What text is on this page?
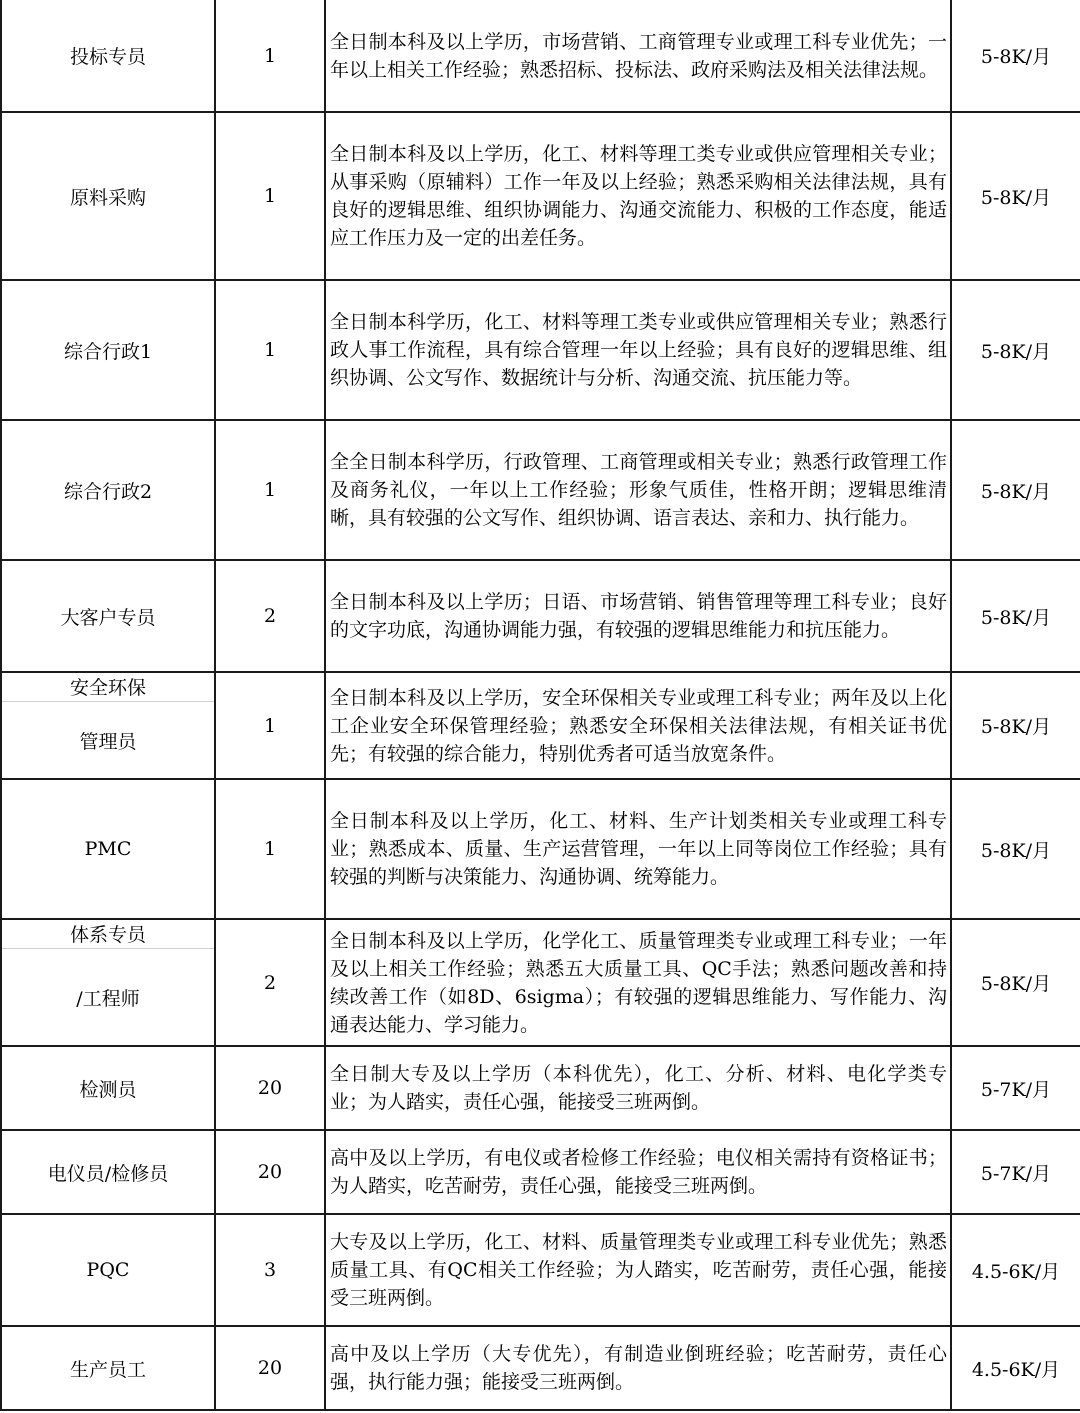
投标专员	1	全日制本科及以上学历，市场营销、工商管理专业或理工科专业优先；一年以上相关工作经验；熟悉招标、投标法、政府采购法及相关法律法规。	5-8K/月
原料采购	1	全日制本科及以上学历，化工、材料等理工类专业或供应管理相关专业；从事采购（原辅料）工作一年及以上经验；熟悉采购相关法律法规，具有良好的逻辑思维、组织协调能力、沟通交流能力、积极的工作态度，能适应工作压力及一定的出差任务。	5-8K/月
综合行政1	1	全日制本科学历，化工、材料等理工类专业或供应管理相关专业；熟悉行政人事工作流程，具有综合管理一年以上经验；具有良好的逻辑思维、组织协调、公文写作、数据统计与分析、沟通交流、抗压能力等。	5-8K/月
综合行政2	1	全全日制本科学历，行政管理、工商管理或相关专业；熟悉行政管理工作及商务礼仪，一年以上工作经验；形象气质佳，性格开朗；逻辑思维清晰，具有较强的公文写作、组织协调、语言表达、亲和力、执行能力。	5-8K/月
大客户专员	2	全日制本科及以上学历；日语、市场营销、销售管理等理工科专业；良好的文字功底，沟通协调能力强，有较强的逻辑思维能力和抗压能力。	5-8K/月

安全环保
管理员	1	全日制本科及以上学历，安全环保相关专业或理工科专业；两年及以上化工企业安全环保管理经验；熟悉安全环保相关法律法规，有相关证书优先；有较强的综合能力，特别优秀者可适当放宽条件。	5-8K/月
PMC	1	全日制本科及以上学历，化工、材料、生产计划类相关专业或理工科专业；熟悉成本、质量、生产运营管理，一年以上同等岗位工作经验；具有较强的判断与决策能力、沟通协调、统筹能力。	5-8K/月

体系专员
/工程师	2	全日制本科及以上学历，化学化工、质量管理类专业或理工科专业；一年及以上相关工作经验；熟悉五大质量工具、QC手法；熟悉问题改善和持续改善工作（如8D、6sigma）；有较强的逻辑思维能力、写作能力、沟通表达能力、学习能力。	5-8K/月
检测员	20	全日制大专及以上学历（本科优先），化工、分析、材料、电化学类专业；为人踏实，责任心强，能接受三班两倒。	5-7K/月
电仪员/检修员	20	高中及以上学历，有电仪或者检修工作经验；电仪相关需持有资格证书；为人踏实，吃苦耐劳，责任心强，能接受三班两倒。	5-7K/月
PQC	3	大专及以上学历，化工、材料、质量管理类专业或理工科专业优先；熟悉质量工具、有QC相关工作经验；为人踏实，吃苦耐劳，责任心强，能接受三班两倒。	4.5-6K/月
生产员工	20	高中及以上学历（大专优先），有制造业倒班经验；吃苦耐劳，责任心强，执行能力强；能接受三班两倒。	4.5-6K/月
